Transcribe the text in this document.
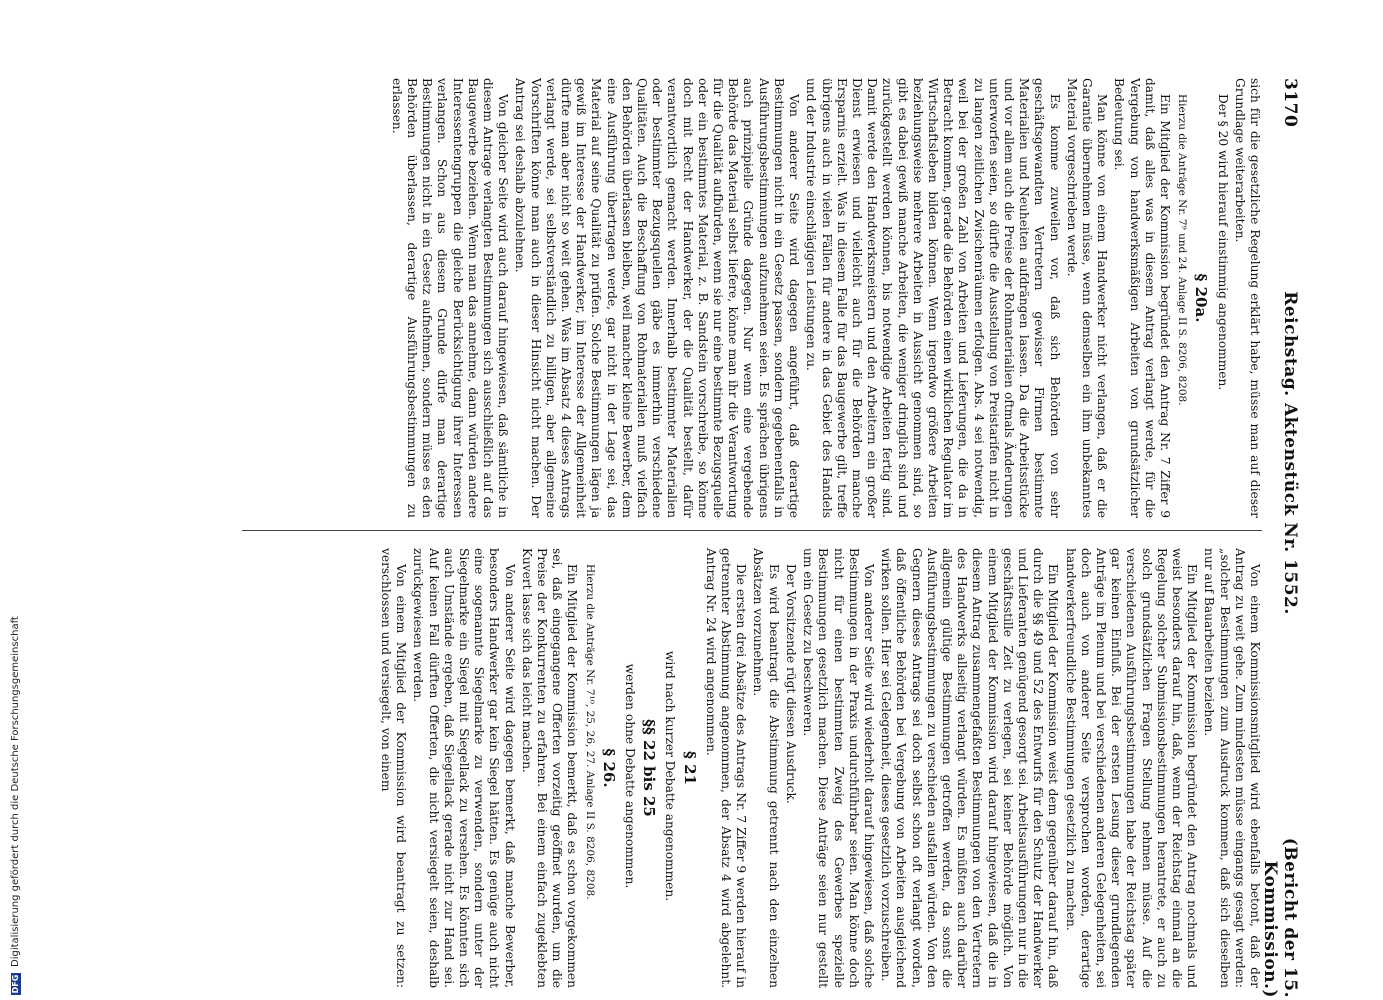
3170
Reichstag. Aktenstück Nr. 1552.
(Bericht der 15. Kommission.)

sich für die gesetzliche Regelung erklärt habe, müsse man auf dieser Grundlage weiterarbeiten.

Der § 20 wird hierauf einstimmig angenommen.

§ 20a.

Hierzu die Anträge Nr. 7⁹ und 24. Anlage II S. 8206, 8208.

Ein Mitglied der Kommission begründet den Antrag Nr. 7 Ziffer 9 damit, daß alles was in diesem Antrag verlangt werde, für die Vergebung von handwerksmäßigen Arbeiten von grundsätzlicher Bedeutung sei.

Man könne von einem Handwerker nicht verlangen, daß er die Garantie übernehmen müsse, wenn demselben ein ihm unbekanntes Material vorgeschrieben werde.

Es komme zuweilen vor, daß sich Behörden von sehr geschäftsgewandten Vertretern gewisser Firmen bestimmte Materialien und Neuheiten aufdrängen lassen. Da die Arbeitsstücke und vor allem auch die Preise der Rohmaterialien oftmals Änderungen unterworfen seien, so dürfte die Ausstellung von Preistarifen nicht in zu langen zeitlichen Zwischenräumen erfolgen. Abs. 4 sei notwendig, weil bei der großen Zahl von Arbeiten und Lieferungen, die da in Betracht kommen, gerade die Behörden einen wirklichen Regulator im Wirtschaftsleben bilden können. Wenn irgendwo größere Arbeiten beziehungsweise mehrere Arbeiten in Aussicht genommen sind, so gibt es dabei gewiß manche Arbeiten, die weniger dringlich sind und zurückgestellt werden können, bis notwendige Arbeiten fertig sind. Damit werde den Handwerksmeistern und den Arbeitern ein großer Dienst erwiesen und vielleicht auch für die Behörden manche Ersparnis erzielt. Was in diesem Falle für das Baugewerbe gilt, treffe übrigens auch in vielen Fällen für andere in das Gebiet des Handels und der Industrie einschlägigen Leistungen zu.

Von anderer Seite wird dagegen angeführt, daß derartige Bestimmungen nicht in ein Gesetz passen, sondern gegebenenfalls in Ausführungsbestimmungen aufzunehmen seien. Es sprächen übrigens auch prinzipielle Gründe dagegen. Nur wenn eine vergebende Behörde das Material selbst liefere, könne man ihr die Verantwortung für die Qualität aufbürden, wenn sie nur eine bestimmte Bezugsquelle oder ein bestimmtes Material, z. B. Sandstein vorschreibe, so könne doch mit Recht der Handwerker, der die Qualität bestellt, dafür verantwortlich gemacht werden. Innerhalb bestimmter Materialien oder bestimmter Bezugsquellen gäbe es immerhin verschiedene Qualitäten. Auch die Beschaffung von Rohmaterialien muß vielfach den Behörden überlassen bleiben, weil mancher kleine Bewerber, dem eine Ausführung übertragen werde, gar nicht in der Lage sei, das Material auf seine Qualität zu prüfen. Solche Bestimmungen lägen ja gewiß im Interesse der Handwerker, im Interesse der Allgemeinheit dürfte man aber nicht so weit gehen. Was im Absatz 4 dieses Antrags verlangt werde, sei selbstverständlich zu billigen, aber allgemeine Vorschriften könne man auch in dieser Hinsicht nicht machen. Der Antrag sei deshalb abzulehnen.

Von gleicher Seite wird auch darauf hingewiesen, daß sämtliche in diesem Antrage verlangten Bestimmungen sich ausschließlich auf das Baugewerbe beziehen. Wenn man das annehme, dann würden andere Interessentengruppen die gleiche Berücksichtigung ihrer Interessen verlangen. Schon aus diesem Grunde dürfe man derartige Bestimmungen nicht in ein Gesetz aufnehmen, sondern müsse es den Behörden überlassen, derartige Ausführungsbestimmungen zu erlassen.

Von einem Kommissionsmitglied wird ebenfalls betont, daß der Antrag zu weit gehe. Zum mindesten müsse eingangs gesagt werden: „solcher Bestimmungen zum Ausdruck kommen, daß sich dieselben nur auf Bauarbeiten beziehen.

Ein Mitglied der Kommission begründet den Antrag nochmals und weist besonders darauf hin, daß, wenn der Reichstag einmal an die Regelung solcher Submissionsbestimmungen herantrete, er auch zu solch grundsätzlichen Fragen Stellung nehmen müsse. Auf die verschiedenen Ausführungsbestimmungen habe der Reichstag später gar keinen Einfluß. Bei der ersten Lesung dieser grundlegenden Anträge im Plenum und bei verschiedenen anderen Gelegenheiten, sei doch auch von anderer Seite versprochen worden, derartige handwerkerfreundliche Bestimmungen gesetzlich zu machen.

Ein Mitglied der Kommission weist dem gegenüber darauf hin, daß durch die §§ 49 und 52 des Entwurfs für den Schutz der Handwerker und Lieferanten genügend gesorgt sei. Arbeitsausführungen nur in die geschäftsstille Zeit zu verlegen, sei keiner Behörde möglich. Von einem Mitglied der Kommission wird darauf hingewiesen, daß die in diesem Antrag zusammengefaßten Bestimmungen von den Vertretern des Handwerks allseitig verlangt würden. Es müßten auch darüber allgemein gültige Bestimmungen getroffen werden, da sonst die Ausführungsbestimmungen zu verschieden ausfallen würden. Von den Gegnern dieses Antrags sei doch selbst schon oft verlangt worden, daß öffentliche Behörden bei Vergebung von Arbeiten ausgleichend wirken sollen. Hier sei Gelegenheit, dieses gesetzlich vorzuschreiben.

Von anderer Seite wird wiederholt darauf hingewiesen, daß solche Bestimmungen in der Praxis undurchführbar seien. Man könne doch nicht für einen bestimmten Zweig des Gewerbes spezielle Bestimmungen gesetzlich machen. Diese Anträge seien nur gestellt um ein Gesetz zu beschweren.

Der Vorsitzende rügt diesen Ausdruck.

Es wird beantragt die Abstimmung getrennt nach den einzelnen Absätzen vorzunehmen.

Die ersten drei Absätze des Antrags Nr. 7 Ziffer 9 werden hierauf in getrennter Abstimmung angenommen, der Absatz 4 wird abgelehnt. Antrag Nr. 24 wird angenommen.

§ 21

wird nach kurzer Debatte angenommen.

§§ 22 bis 25

werden ohne Debatte angenommen.

§ 26.

Hierzu die Anträge Nr. 7¹⁰, 25, 26, 27. Anlage II S. 8206, 8208.

Ein Mitglied der Kommission bemerkt, daß es schon vorgekommen sei, daß eingegangene Offerten vorzeitig geöffnet wurden, um die Preise der Konkurrenten zu erfahren. Bei einem einfach zugeklebten Kuvert lasse sich das leicht machen.

Von anderer Seite wird dagegen bemerkt, daß manche Bewerber, besonders Handwerker gar kein Siegel hätten. Es genüge auch nicht eine sogenannte Siegelmarke zu verwenden, sondern unter der Siegelmarke ein Siegel mit Siegellack zu versehen. Es könnten sich auch Umstände ergeben, daß Siegellack gerade nicht zur Hand sei. Auf keinen Fall dürften Offerten, die nicht versiegelt seien, deshalb zurückgewiesen werden.

Von einem Mitglied der Kommission wird beantragt zu setzen: verschlossen und versiegelt, von einem

DFG
Digitalisierung gefördert durch die Deutsche Forschungsgemeinschaft
